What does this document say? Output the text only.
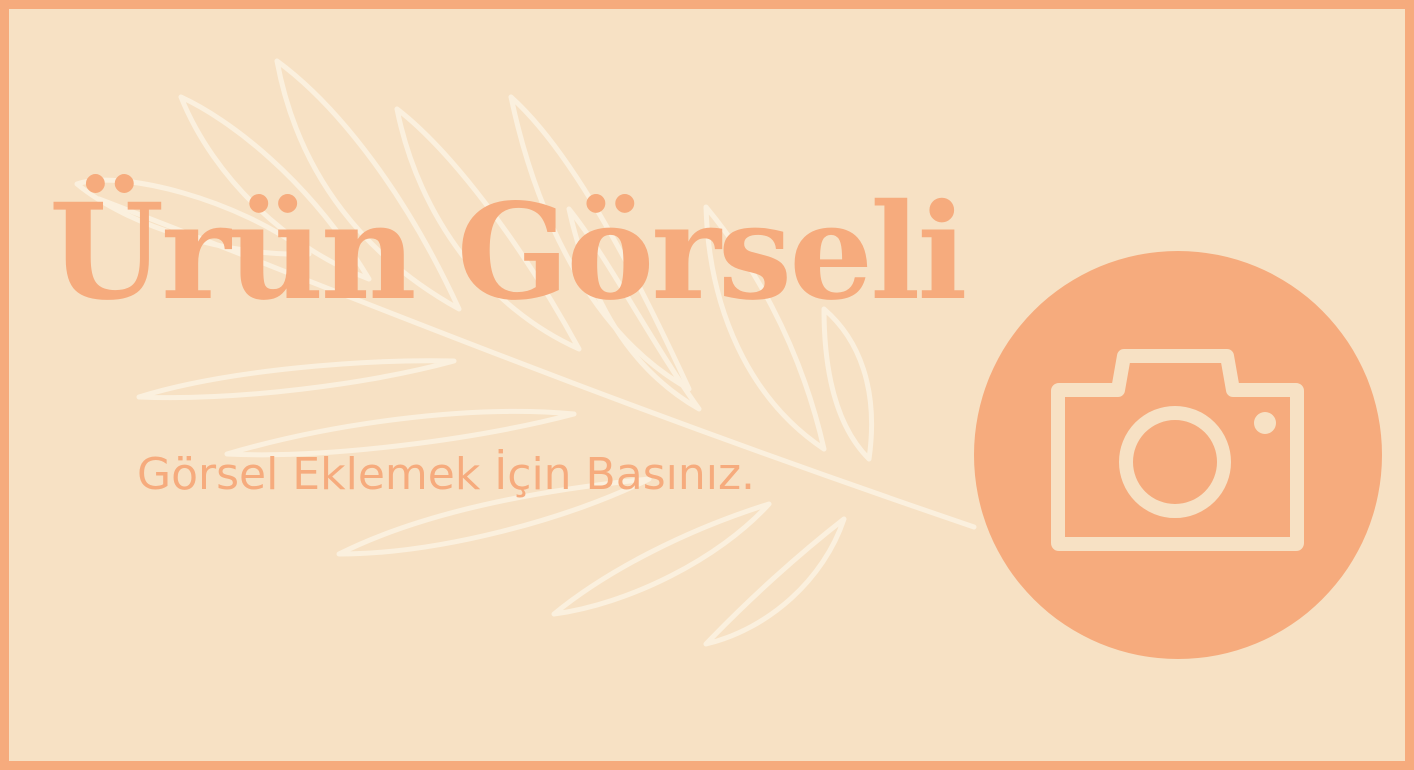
Ürün Görseli

Görsel Eklemek İçin Basınız.
